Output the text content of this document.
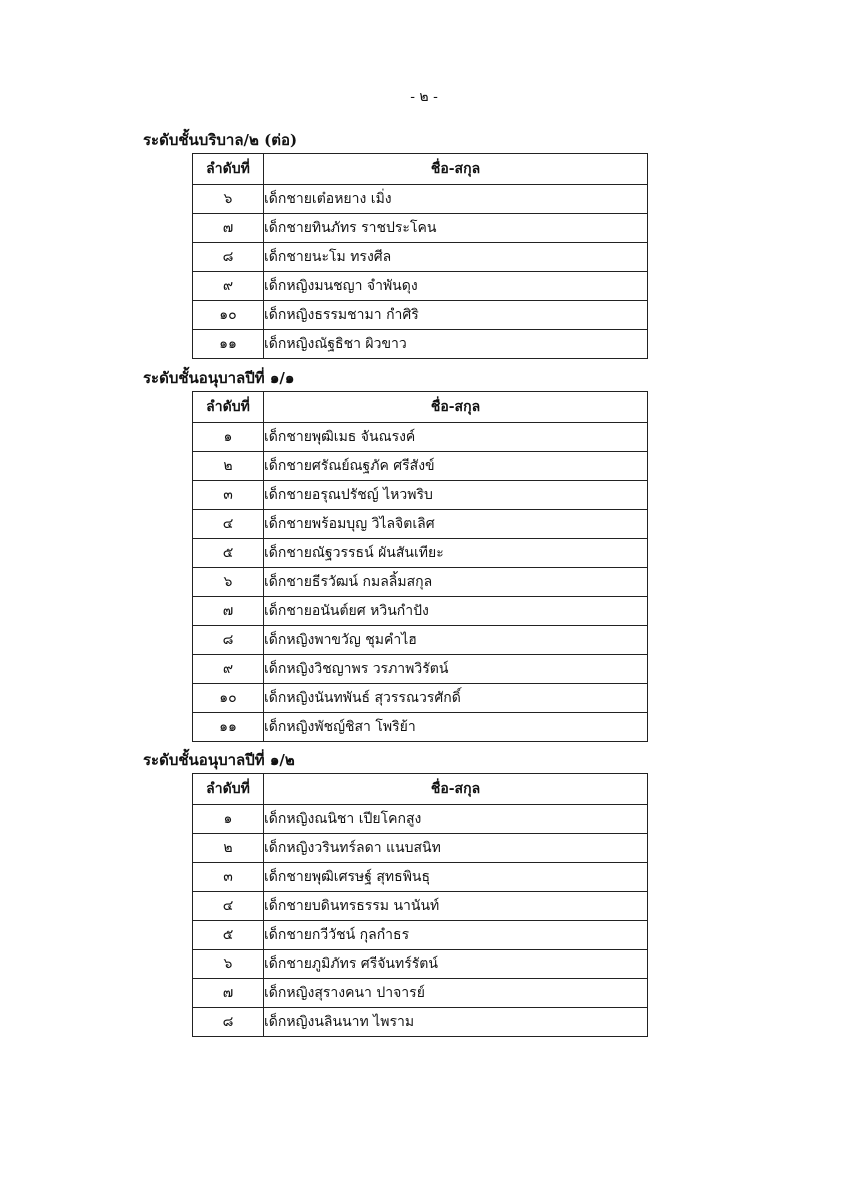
- ๒ -
ระดับชั้นบริบาล/๒ (ต่อ)
ลำดับที่	ชื่อ-สกุล
๖	เด็กชายเต๋อหยาง เมิ่ง
๗	เด็กชายทินภัทร ราชประโคน
๘	เด็กชายนะโม ทรงศีล
๙	เด็กหญิงมนชญา จำพันดุง
๑๐	เด็กหญิงธรรมชามา กำศิริ
๑๑	เด็กหญิงณัฐธิชา ผิวขาว
ระดับชั้นอนุบาลปีที่ ๑/๑
ลำดับที่	ชื่อ-สกุล
๑	เด็กชายพุฒิเมธ จันณรงค์
๒	เด็กชายศรัณย์ณฐภัค ศรีสังข์
๓	เด็กชายอรุณปรัชญ์ ไหวพริบ
๔	เด็กชายพร้อมบุญ วิไลจิตเลิศ
๕	เด็กชายณัฐวรรธน์ ผันสันเทียะ
๖	เด็กชายธีรวัฒน์ กมลลิ้มสกุล
๗	เด็กชายอนันต์ยศ หวินกำปัง
๘	เด็กหญิงพาขวัญ ชุมคำไฮ
๙	เด็กหญิงวิชญาพร วรภาพวิรัตน์
๑๐	เด็กหญิงนันทพันธ์ สุวรรณวรศักดิ์
๑๑	เด็กหญิงพัชญ์ชิสา โพริย้า
ระดับชั้นอนุบาลปีที่ ๑/๒
ลำดับที่	ชื่อ-สกุล
๑	เด็กหญิงณนิชา เปียโคกสูง
๒	เด็กหญิงวรินทร์ลดา แนบสนิท
๓	เด็กชายพุฒิเศรษฐ์ สุทธพินธุ
๔	เด็กชายบดินทรธรรม นานันท์
๕	เด็กชายกวีวัชน์ กุลกำธร
๖	เด็กชายภูมิภัทร ศรีจันทร์รัตน์
๗	เด็กหญิงสุรางคนา ปาจารย์
๘	เด็กหญิงนลินนาท ไพราม
